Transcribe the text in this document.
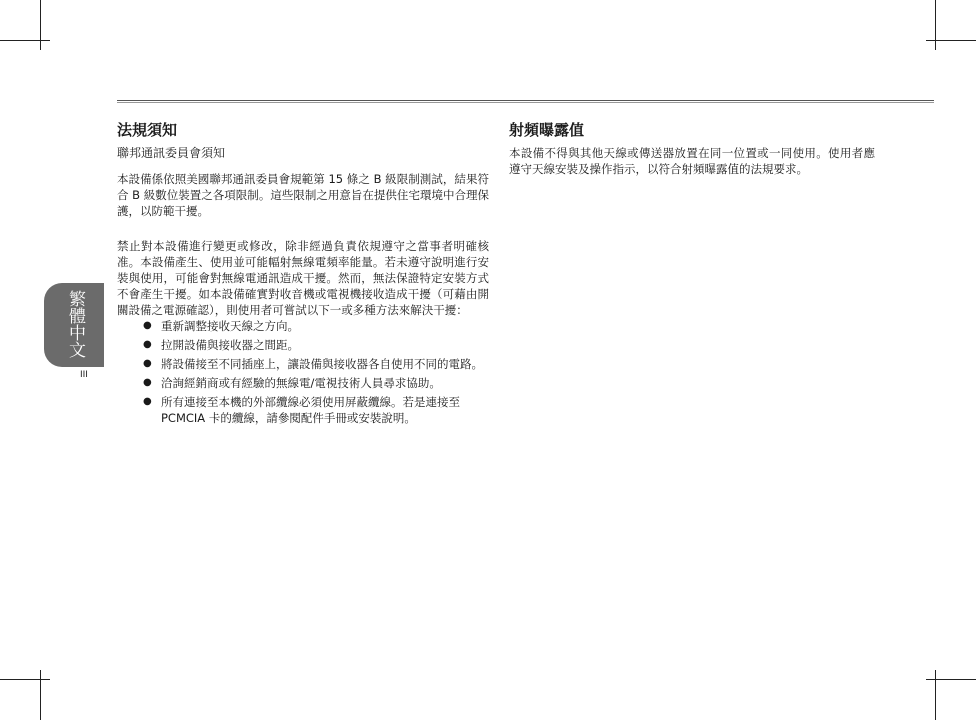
繁體中文
III
法規須知
聯邦通訊委員會須知

本設備係依照美國聯邦通訊委員會規範第 15 條之 B 級限制測試，結果符合 B 級數位裝置之各項限制。這些限制之用意旨在提供住宅環境中合理保護，以防範干擾。

禁止對本設備進行變更或修改，除非經過負責依規遵守之當事者明確核准。本設備產生、使用並可能幅射無線電頻率能量。若未遵守說明進行安裝與使用，可能會對無線電通訊造成干擾。然而，無法保證特定安裝方式不會產生干擾。如本設備確實對收音機或電視機接收造成干擾（可藉由開關設備之電源確認），則使用者可嘗試以下一或多種方法來解決干擾：

● 重新調整接收天線之方向。
● 拉開設備與接收器之間距。
● 將設備接至不同插座上，讓設備與接收器各自使用不同的電路。
● 洽詢經銷商或有經驗的無線電/電視技術人員尋求協助。
● 所有連接至本機的外部纜線必須使用屏蔽纜線。若是連接至 PCMCIA 卡的纜線，請參閱配件手冊或安裝說明。
射頻曝露值

本設備不得與其他天線或傳送器放置在同一位置或一同使用。使用者應遵守天線安裝及操作指示，以符合射頻曝露值的法規要求。
